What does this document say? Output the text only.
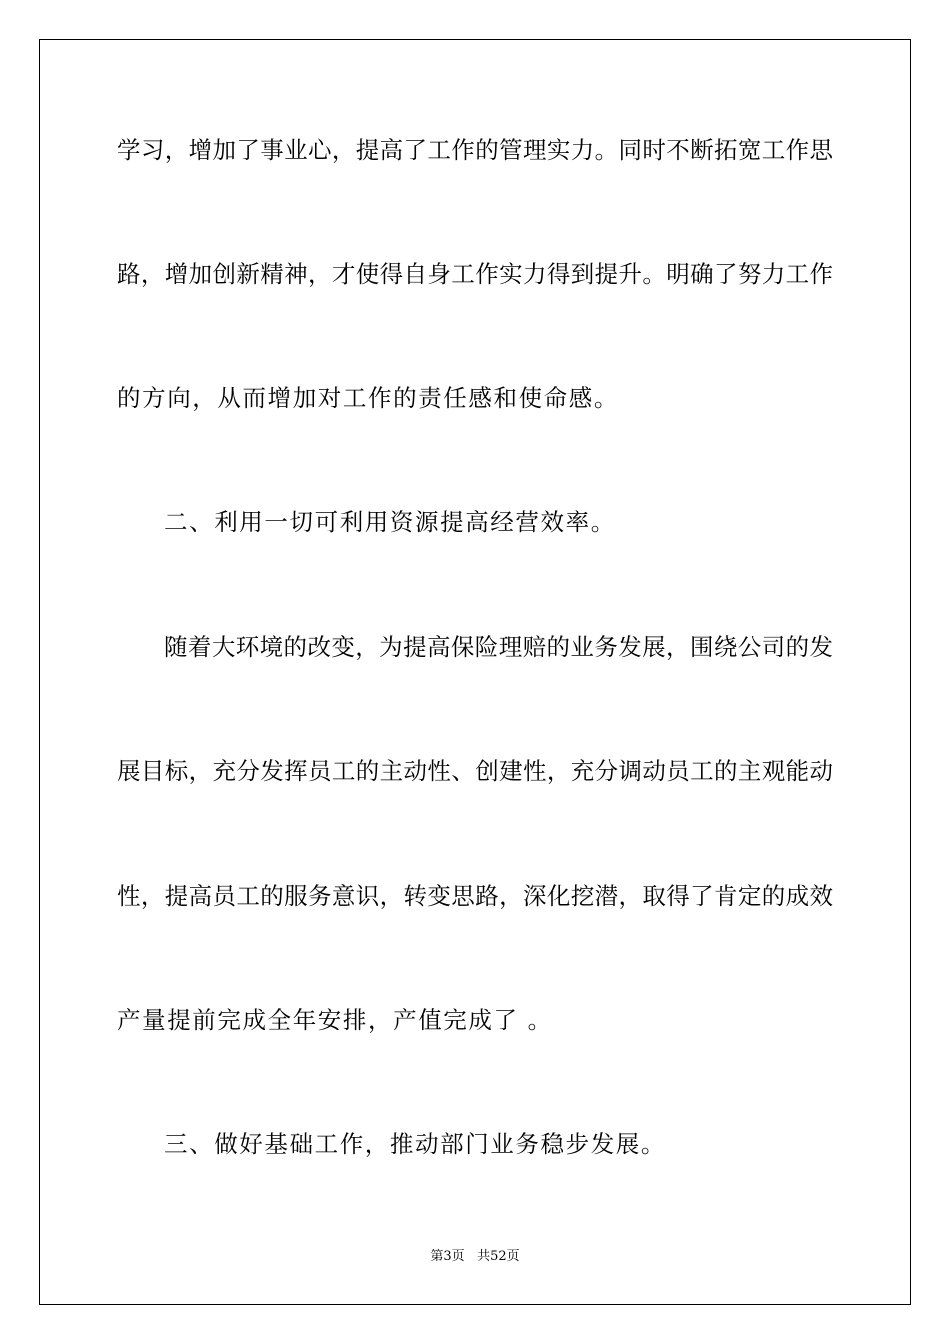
学习，增加了事业心，提高了工作的管理实力。同时不断拓宽工作思
路，增加创新精神，才使得自身工作实力得到提升。明确了努力工作
的方向，从而增加对工作的责任感和使命感。
二、利用一切可利用资源提高经营效率。
随着大环境的改变，为提高保险理赔的业务发展，围绕公司的发
展目标，充分发挥员工的主动性、创建性，充分调动员工的主观能动
性，提高员工的服务意识，转变思路，深化挖潜，取得了肯定的成效
产量提前完成全年安排，产值完成了 。
三、做好基础工作，推动部门业务稳步发展。
第3页 共52页
